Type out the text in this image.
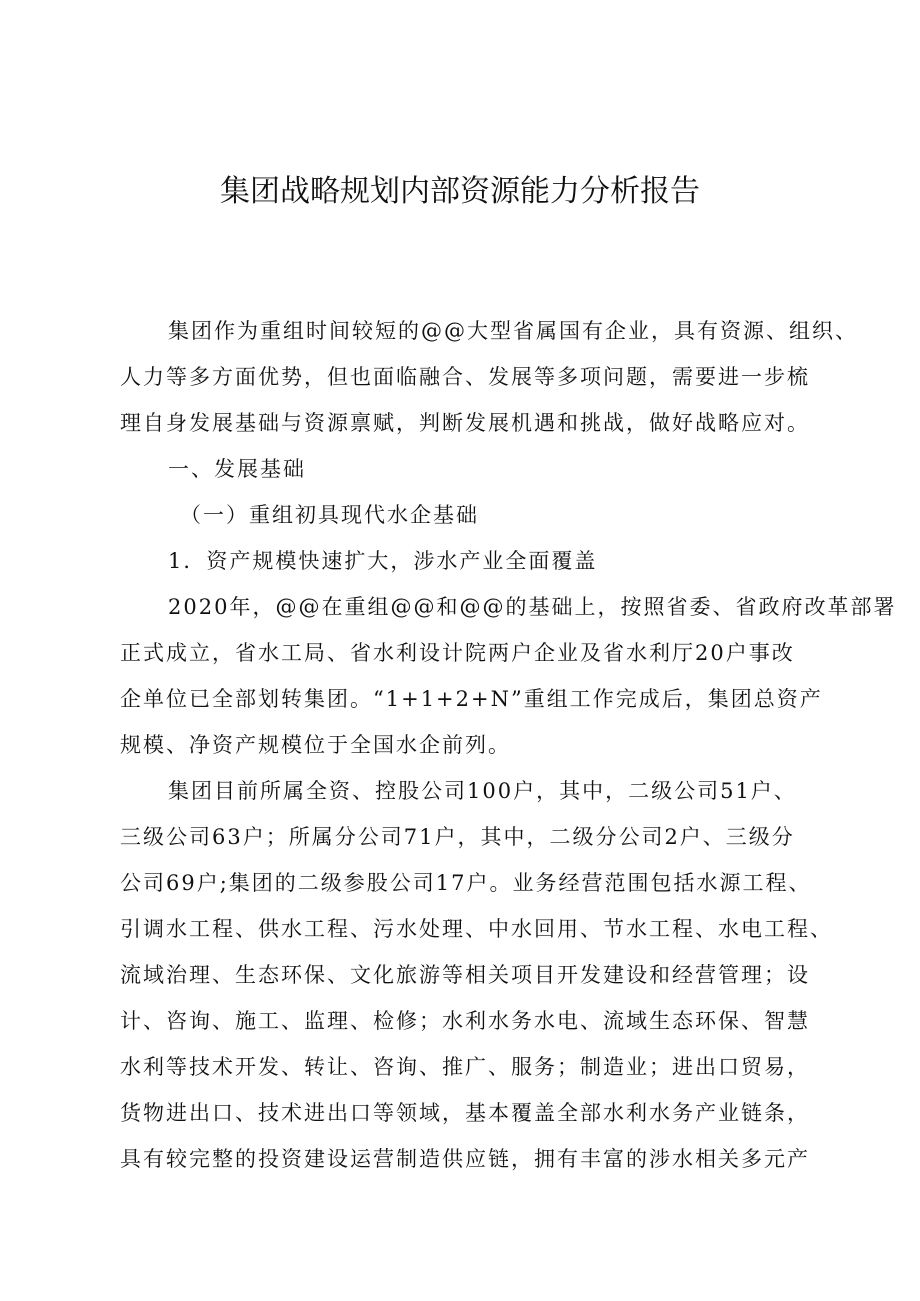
集团战略规划内部资源能力分析报告
集团作为重组时间较短的@@大型省属国有企业，具有资源、组织、
人力等多方面优势，但也面临融合、发展等多项问题，需要进一步梳
理自身发展基础与资源禀赋，判断发展机遇和挑战，做好战略应对。
一、发展基础
（一）重组初具现代水企基础
1．资产规模快速扩大，涉水产业全面覆盖
2020年，@@在重组@@和@@的基础上，按照省委、省政府改革部署
正式成立，省水工局、省水利设计院两户企业及省水利厅20户事改
企单位已全部划转集团。“1+1+2+N”重组工作完成后，集团总资产
规模、净资产规模位于全国水企前列。
集团目前所属全资、控股公司100户，其中，二级公司51户、
三级公司63户；所属分公司71户，其中，二级分公司2户、三级分
公司69户;集团的二级参股公司17户。业务经营范围包括水源工程、
引调水工程、供水工程、污水处理、中水回用、节水工程、水电工程、
流域治理、生态环保、文化旅游等相关项目开发建设和经营管理；设
计、咨询、施工、监理、检修；水利水务水电、流域生态环保、智慧
水利等技术开发、转让、咨询、推广、服务；制造业；进出口贸易，
货物进出口、技术进出口等领域，基本覆盖全部水利水务产业链条，
具有较完整的投资建设运营制造供应链，拥有丰富的涉水相关多元产
